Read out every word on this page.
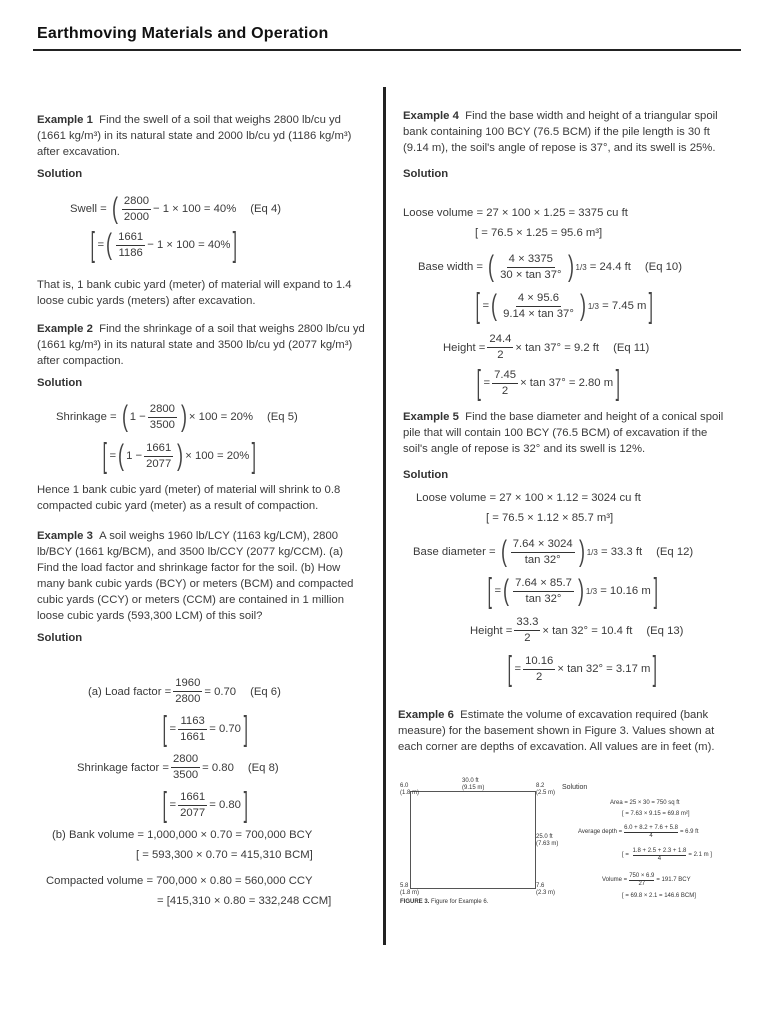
Earthmoving Materials and Operation

Example 1 Find the swell of a soil that weighs 2800 lb/cu yd (1661 kg/m³) in its natural state and 2000 lb/cu yd (1186 kg/m³) after excavation.

Solution

Swell =
( $\frac{2800}{2000} - 1 \times 100 = 40\%$ (Eq 4)
[ = ( $\frac{1661}{1186} - 1 \times 100 = 40\%$ ]
That is, 1 bank cubic yard (meter) of material will expand to 1.4 loose cubic yards (meters) after excavation.

Example 2 Find the shrinkage of a soil that weighs 2800 lb/cu yd (1661 kg/m³) in its natural state and 3500 lb/cu yd (2077 kg/m³) after compaction.

Solution

Shrinkage =
( $1 - \frac{2800}{3500}$ ) × 100 = 20% (Eq 5)
[ = ( $1 - \frac{1661}{2077}$ ) × 100 = 20% ]
Hence 1 bank cubic yard (meter) of material will shrink to 0.8 compacted cubic yard (meter) as a result of compaction.

Example 3 A soil weighs 1960 lb/LCY (1163 kg/LCM), 2800 lb/BCY (1661 kg/BCM), and 3500 lb/CCY (2077 kg/CCM). (a) Find the load factor and shrinkage factor for the soil. (b) How many bank cubic yards (BCY) or meters (BCM) and compacted cubic yards (CCY) or meters (CCM) are contained in 1 million loose cubic yards (593,300 LCM) of this soil?

Solution

(a) Load factor = $\frac{1960}{2800} = 0.70$ (Eq 6)
[ = $\frac{1163}{1661} = 0.70$ ]
Shrinkage factor = $\frac{2800}{3500} = 0.80$ (Eq 8)
[ = $\frac{1661}{2077} = 0.80$ ]
(b) Bank volume = 1,000,000 × 0.70 = 700,000 BCY
[ = 593,300 × 0.70 = 415,310 BCM]
Compacted volume = 700,000 × 0.80 = 560,000 CCY
= [415,310 × 0.80 = 332,248 CCM]

Example 4 Find the base width and height of a triangular spoil bank containing 100 BCY (76.5 BCM) if the pile length is 30 ft (9.14 m), the soil's angle of repose is 37°, and its swell is 25%.

Solution

Loose volume = 27 × 100 × 1.25 = 3375 cu ft
[ = 76.5 × 1.25 = 95.6 m³]
Base width =
( $\frac{4 \times 3375}{30 \times \tan 37^\circ}$ ) 1/3
= 24.4 ft (Eq 10)
[ = ( $\frac{4 \times 95.6}{9.14 \times \tan 37^\circ}$ ) 1/3
= 7.45 m ]
Height = $\frac{24.4}{2} \times \tan 37^\circ = 9.2$ ft (Eq 11)
[ = $\frac{7.45}{2} \times \tan 37^\circ = 2.80$ m ]

Example 5 Find the base diameter and height of a conical spoil pile that will contain 100 BCY (76.5 BCM) of excavation if the soil's angle of repose is 32° and its swell is 12%.

Solution

Loose volume = 27 × 100 × 1.12 = 3024 cu ft
[ = 76.5 × 1.12 × 85.7 m³]
Base diameter =
( $\frac{7.64 \times 3024}{\tan 32^\circ}$ ) 1/3
= 33.3 ft (Eq 12)
[ = ( $\frac{7.64 \times 85.7}{\tan 32^\circ}$ ) 1/3
= 10.16 m ]
Height = $\frac{33.3}{2} \times \tan 32^\circ = 10.4$ ft (Eq 13)
[ = $\frac{10.16}{2} \times \tan 32^\circ = 3.17$ m ]

Example 6 Estimate the volume of excavation required (bank measure) for the basement shown in Figure 3. Values shown at each corner are depths of excavation. All values are in feet (m).

6.0
(1.8 m)
30.0 ft
(9.15 m)	8.2
(2.5 m)
25.0 ft
(7.63 m)
5.8
(1.8 m)
7.6
(2.3 m)
FIGURE 3. Figure for Example 6.
Solution
Area = 25 × 30 = 750 sq ft
[ = 7.63 × 9.15 = 69.8 m²]
Average depth = $\frac{6.0 + 8.2 + 7.6 + 5.8}{4} = 6.9$ ft
[ = $\frac{1.8 + 2.5 + 2.3 + 1.8}{4} = 2.1$ m ]
Volume = $\frac{750 \times 6.9}{27} = 191.7$ BCY
[ = 69.8 × 2.1 = 146.6 BCM]
